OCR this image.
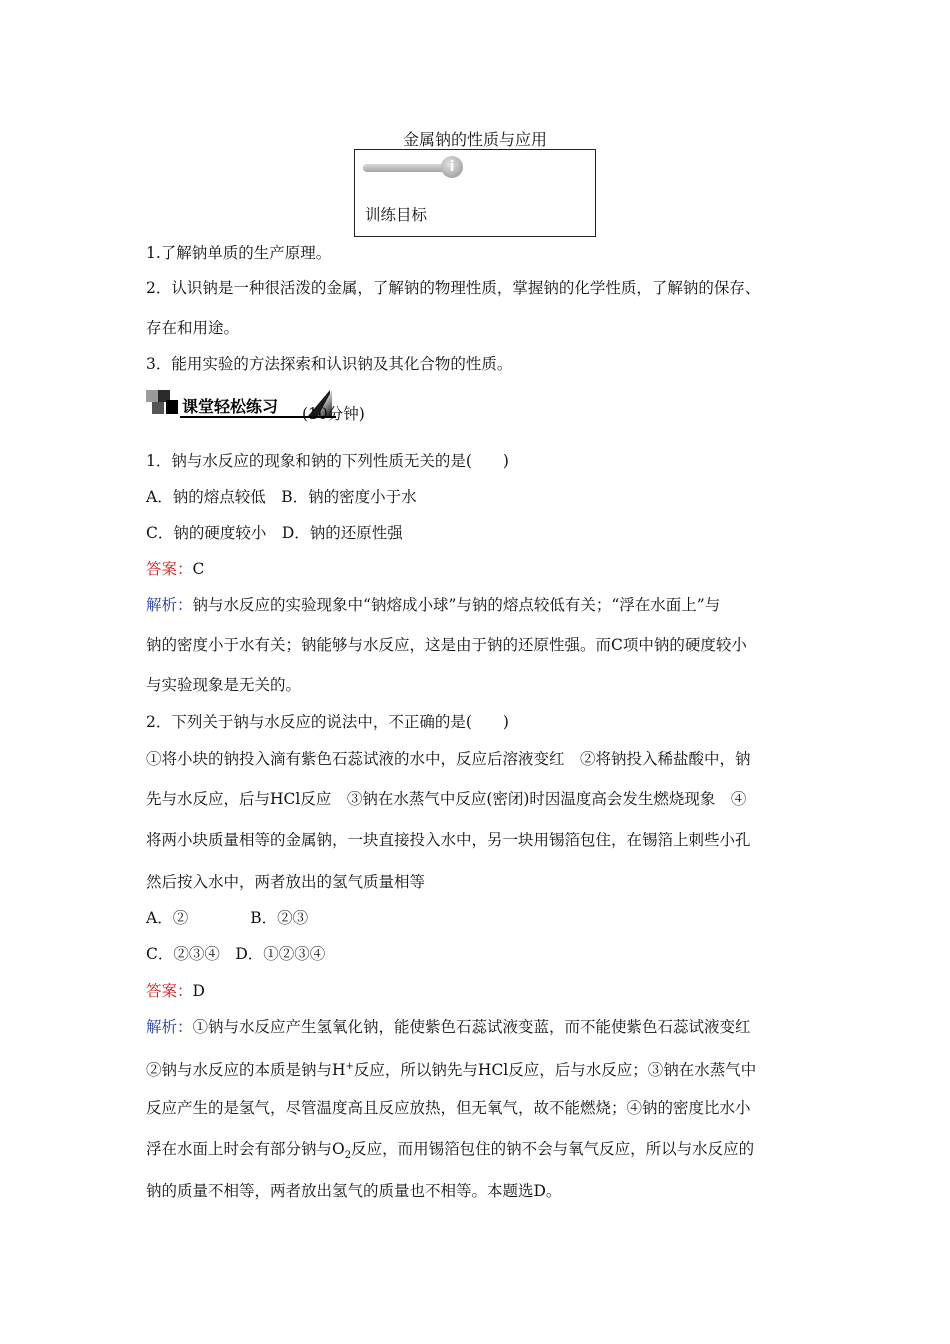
金属钠的性质与应用
i
训练目标
1.了解钠单质的生产原理。
2．认识钠是一种很活泼的金属，了解钠的物理性质，掌握钠的化学性质，了解钠的保存、
存在和用途。
3．能用实验的方法探索和认识钠及其化合物的性质。
课堂轻松练习 (10分钟)
1．钠与水反应的现象和钠的下列性质无关的是(　　)
A．钠的熔点较低　B．钠的密度小于水
C．钠的硬度较小　D．钠的还原性强
答案：C
解析：钠与水反应的实验现象中“钠熔成小球”与钠的熔点较低有关；“浮在水面上”与
钠的密度小于水有关；钠能够与水反应，这是由于钠的还原性强。而C项中钠的硬度较小
与实验现象是无关的。
2．下列关于钠与水反应的说法中，不正确的是(　　)
①将小块的钠投入滴有紫色石蕊试液的水中，反应后溶液变红　②将钠投入稀盐酸中，钠
先与水反应，后与HCl反应　③钠在水蒸气中反应(密闭)时因温度高会发生燃烧现象　④
将两小块质量相等的金属钠，一块直接投入水中，另一块用锡箔包住，在锡箔上刺些小孔
然后按入水中，两者放出的氢气质量相等
A．②　　　　B．②③
C．②③④　D．①②③④
答案：D
解析：①钠与水反应产生氢氧化钠，能使紫色石蕊试液变蓝，而不能使紫色石蕊试液变红
②钠与水反应的本质是钠与H+反应，所以钠先与HCl反应，后与水反应；③钠在水蒸气中
反应产生的是氢气，尽管温度高且反应放热，但无氧气，故不能燃烧；④钠的密度比水小
浮在水面上时会有部分钠与$O_2$反应，而用锡箔包住的钠不会与氧气反应，所以与水反应的
钠的质量不相等，两者放出氢气的质量也不相等。本题选D。
